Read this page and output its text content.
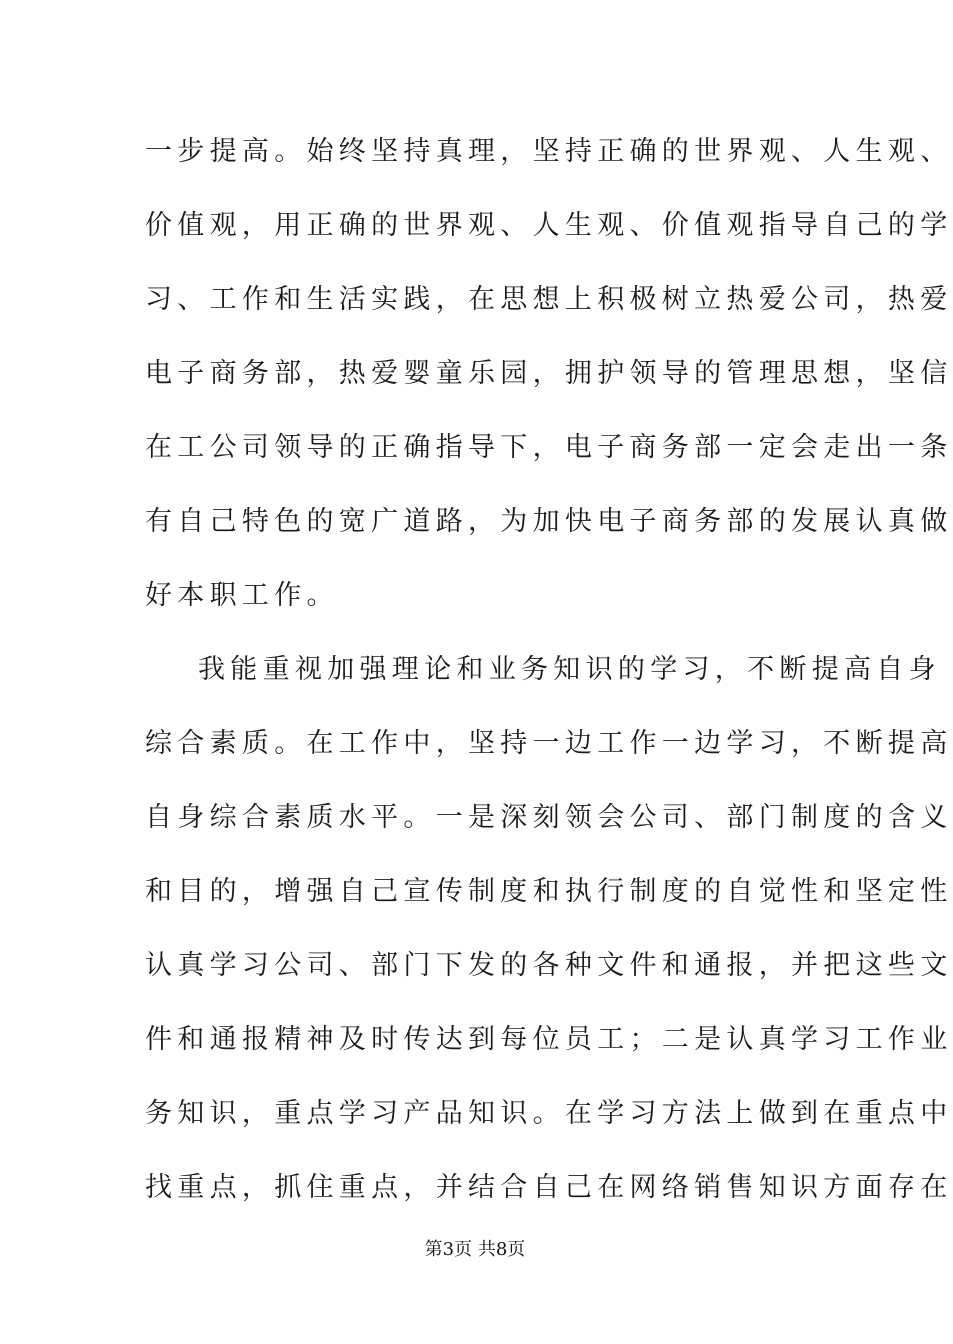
一步提高。始终坚持真理，坚持正确的世界观、人生观、
价值观，用正确的世界观、人生观、价值观指导自己的学
习、工作和生活实践，在思想上积极树立热爱公司，热爱
电子商务部，热爱婴童乐园，拥护领导的管理思想，坚信
在工公司领导的正确指导下，电子商务部一定会走出一条
有自己特色的宽广道路，为加快电子商务部的发展认真做
好本职工作。
我能重视加强理论和业务知识的学习，不断提高自身
综合素质。在工作中，坚持一边工作一边学习，不断提高
自身综合素质水平。一是深刻领会公司、部门制度的含义
和目的，增强自己宣传制度和执行制度的自觉性和坚定性
认真学习公司、部门下发的各种文件和通报，并把这些文
件和通报精神及时传达到每位员工；二是认真学习工作业
务知识，重点学习产品知识。在学习方法上做到在重点中
找重点，抓住重点，并结合自己在网络销售知识方面存在
第3页 共8页
